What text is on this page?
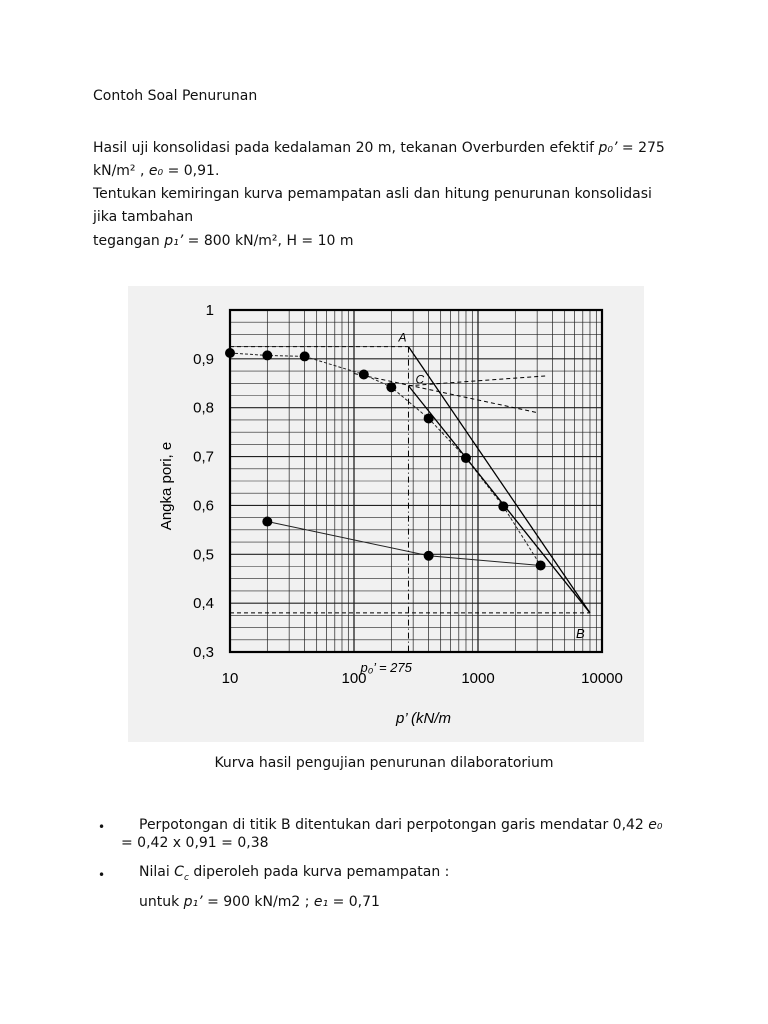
Contoh Soal Penurunan

Hasil uji konsolidasi pada kedalaman 20 m, tekanan Overburden efektif p₀’ = 275

kN/m² , e₀ = 0,91.

Tentukan kemiringan kurva pemampatan asli dan hitung penurunan konsolidasi

jika tambahan

tegangan p₁’ = 800 kN/m², H = 10 m

0,3
0,4
0,5
0,6
0,7
0,8
0,9
1
10	100	1000	10000
Angka pori, e
p’ (kN/m
A
B
C
p₀’ = 275
Kurva hasil pengujian penurunan dilaboratorium
• Perpotongan di titik B ditentukan dari perpotongan garis mendatar 0,42 e₀

= 0,42 x 0,91 = 0,38

• Nilai $C_c$ diperoleh pada kurva pemampatan :

untuk p₁’ = 900 kN/m2 ; e₁ = 0,71
